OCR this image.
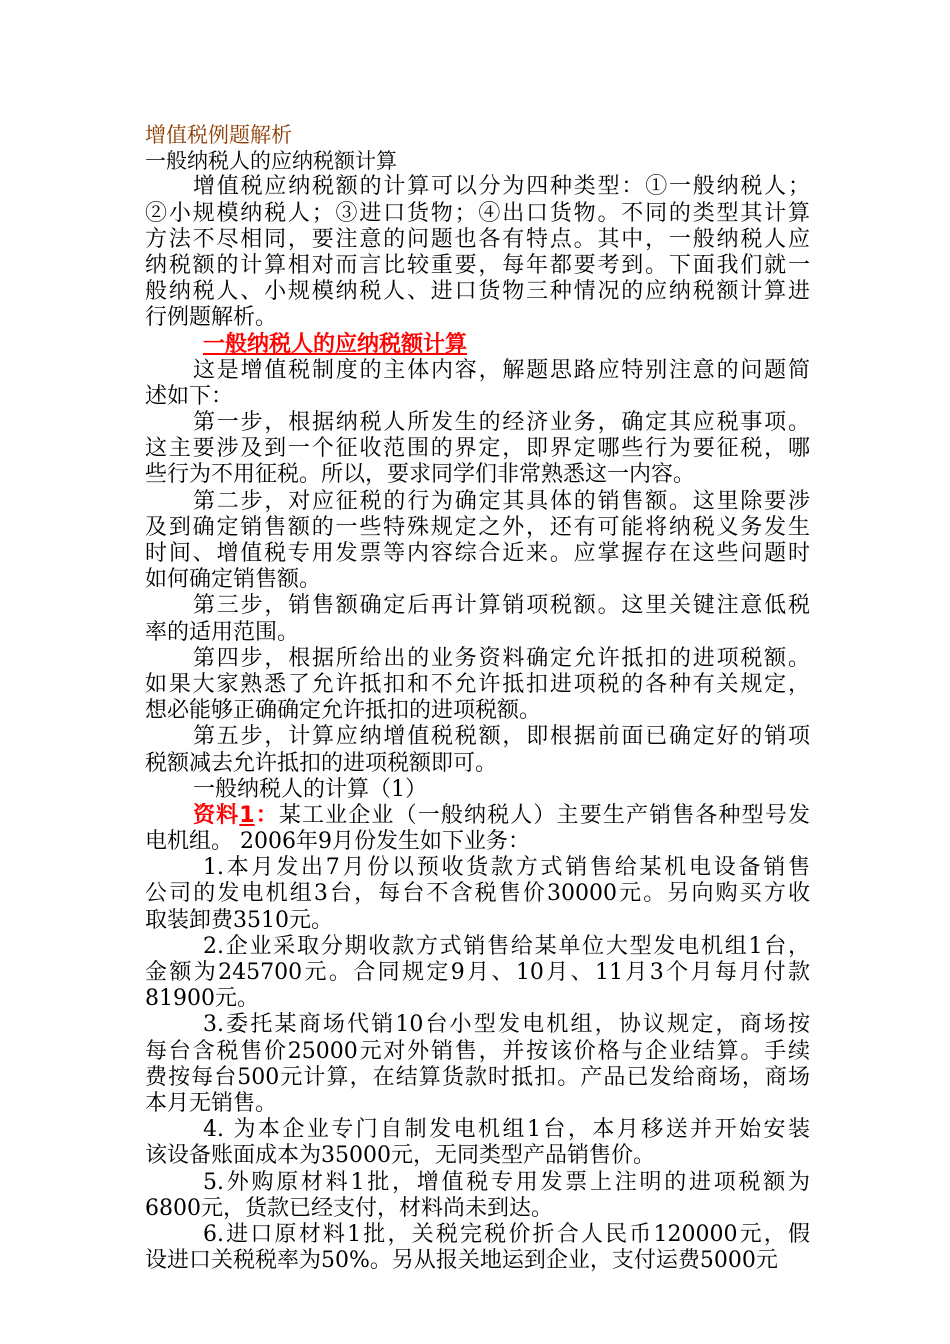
增值税例题解析

一般纳税人的应纳税额计算

增值税应纳税额的计算可以分为四种类型：①一般纳税人；

②小规模纳税人；③进口货物；④出口货物。不同的类型其计算

方法不尽相同，要注意的问题也各有特点。其中，一般纳税人应

纳税额的计算相对而言比较重要，每年都要考到。下面我们就一

般纳税人、小规模纳税人、进口货物三种情况的应纳税额计算进

行例题解析。

一般纳税人的应纳税额计算

这是增值税制度的主体内容，解题思路应特别注意的问题简

述如下：

第一步，根据纳税人所发生的经济业务，确定其应税事项。

这主要涉及到一个征收范围的界定，即界定哪些行为要征税，哪

些行为不用征税。所以，要求同学们非常熟悉这一内容。

第二步，对应征税的行为确定其具体的销售额。这里除要涉

及到确定销售额的一些特殊规定之外，还有可能将纳税义务发生

时间、增值税专用发票等内容综合近来。应掌握存在这些问题时

如何确定销售额。

第三步，销售额确定后再计算销项税额。这里关键注意低税

率的适用范围。

第四步，根据所给出的业务资料确定允许抵扣的进项税额。

如果大家熟悉了允许抵扣和不允许抵扣进项税的各种有关规定，

想必能够正确确定允许抵扣的进项税额。

第五步，计算应纳增值税税额，即根据前面已确定好的销项

税额减去允许抵扣的进项税额即可。

一般纳税人的计算（1）

资料1：某工业企业（一般纳税人）主要生产销售各种型号发

电机组。 2006年9月份发生如下业务：

1.本月发出7月份以预收货款方式销售给某机电设备销售

公司的发电机组3台，每台不含税售价30000元。另向购买方收

取装卸费3510元。

2.企业采取分期收款方式销售给某单位大型发电机组1台，

金额为245700元。合同规定9月、10月、11月3个月每月付款

81900元。

3.委托某商场代销10台小型发电机组，协议规定，商场按

每台含税售价25000元对外销售，并按该价格与企业结算。手续

费按每台500元计算，在结算货款时抵扣。产品已发给商场，商场

本月无销售。

4. 为本企业专门自制发电机组1台，本月移送并开始安装

该设备账面成本为35000元，无同类型产品销售价。

5.外购原材料1批，增值税专用发票上注明的进项税额为

6800元，货款已经支付，材料尚未到达。

6.进口原材料1批，关税完税价折合人民币120000元，假

设进口关税税率为50%。另从报关地运到企业，支付运费5000元
